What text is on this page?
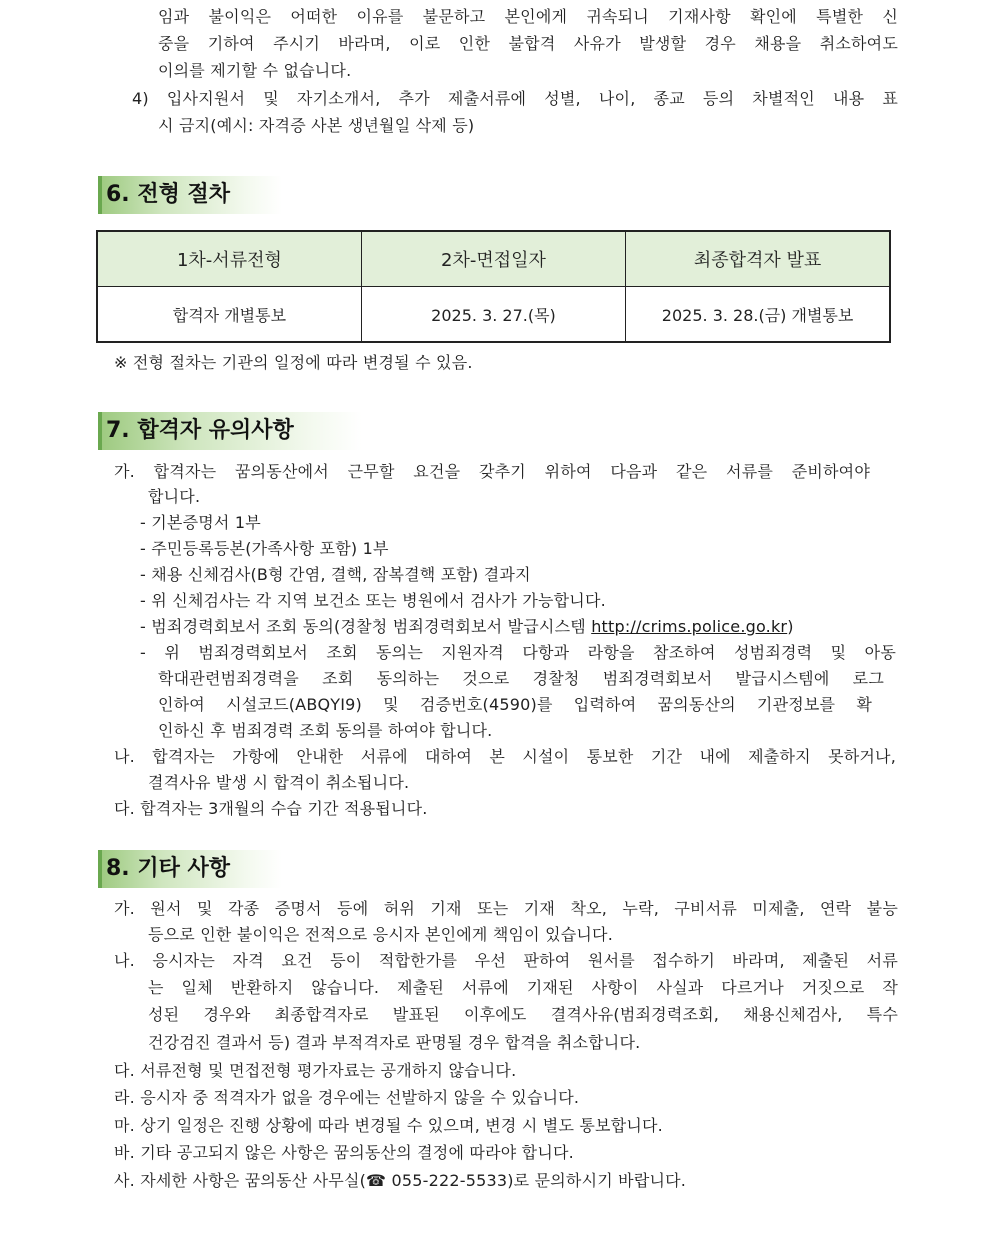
임과 불이익은 어떠한 이유를 불문하고 본인에게 귀속되니 기재사항 확인에 특별한 신
중을 기하여 주시기 바라며, 이로 인한 불합격 사유가 발생할 경우 채용을 취소하여도
이의를 제기할 수 없습니다.
4) 입사지원서 및 자기소개서, 추가 제출서류에 성별, 나이, 종교 등의 차별적인 내용 표
시 금지(예시: 자격증 사본 생년월일 삭제 등)
6. 전형 절차
1차-서류전형	2차-면접일자	최종합격자 발표
합격자 개별통보	2025. 3. 27.(목)	2025. 3. 28.(금) 개별통보
※ 전형 절차는 기관의 일정에 따라 변경될 수 있음.
7. 합격자 유의사항
가. 합격자는 꿈의동산에서 근무할 요건을 갖추기 위하여 다음과 같은 서류를 준비하여야
합니다.
- 기본증명서 1부
- 주민등록등본(가족사항 포함) 1부
- 채용 신체검사(B형 간염, 결핵, 잠복결핵 포함) 결과지
- 위 신체검사는 각 지역 보건소 또는 병원에서 검사가 가능합니다.
- 범죄경력회보서 조회 동의(경찰청 범죄경력회보서 발급시스템 http://crims.police.go.kr)
- 위 범죄경력회보서 조회 동의는 지원자격 다항과 라항을 참조하여 성범죄경력 및 아동
학대관련범죄경력을 조회 동의하는 것으로 경찰청 범죄경력회보서 발급시스템에 로그
인하여 시설코드(ABQYI9) 및 검증번호(4590)를 입력하여 꿈의동산의 기관정보를 확
인하신 후 범죄경력 조회 동의를 하여야 합니다.
나. 합격자는 가항에 안내한 서류에 대하여 본 시설이 통보한 기간 내에 제출하지 못하거나,
결격사유 발생 시 합격이 취소됩니다.
다. 합격자는 3개월의 수습 기간 적용됩니다.
8. 기타 사항
가. 원서 및 각종 증명서 등에 허위 기재 또는 기재 착오, 누락, 구비서류 미제출, 연락 불능
등으로 인한 불이익은 전적으로 응시자 본인에게 책임이 있습니다.
나. 응시자는 자격 요건 등이 적합한가를 우선 판하여 원서를 접수하기 바라며, 제출된 서류
는 일체 반환하지 않습니다. 제출된 서류에 기재된 사항이 사실과 다르거나 거짓으로 작
성된 경우와 최종합격자로 발표된 이후에도 결격사유(범죄경력조회, 채용신체검사, 특수
건강검진 결과서 등) 결과 부적격자로 판명될 경우 합격을 취소합니다.
다. 서류전형 및 면접전형 평가자료는 공개하지 않습니다.
라. 응시자 중 적격자가 없을 경우에는 선발하지 않을 수 있습니다.
마. 상기 일정은 진행 상황에 따라 변경될 수 있으며, 변경 시 별도 통보합니다.
바. 기타 공고되지 않은 사항은 꿈의동산의 결정에 따라야 합니다.
사. 자세한 사항은 꿈의동산 사무실(☎ 055-222-5533)로 문의하시기 바랍니다.
